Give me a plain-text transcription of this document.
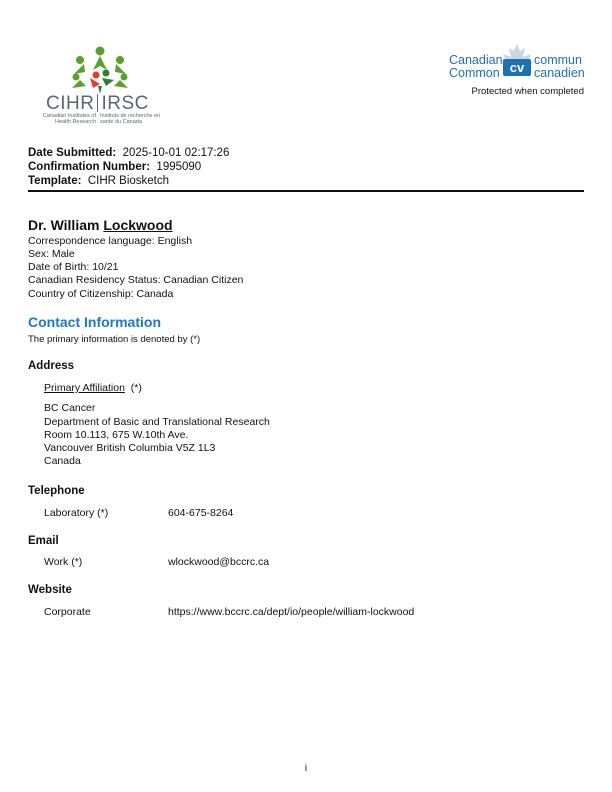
CIHR IRSC
Canadian Institutes of Health Research
Instituts de recherche en santé du Canada
Canadian
Common cv commun
canadien
Protected when completed
Date Submitted: 2025-10-01 02:17:26
Confirmation Number: 1995090
Template: CIHR Biosketch
Dr. William Lockwood
Correspondence language: English
Sex: Male
Date of Birth: 10/21
Canadian Residency Status: Canadian Citizen
Country of Citizenship: Canada
Contact Information
The primary information is denoted by (*)
Address
Primary Affiliation (*)
BC Cancer
Department of Basic and Translational Research
Room 10.113, 675 W.10th Ave.
Vancouver British Columbia V5Z 1L3
Canada
Telephone
Laboratory (*)	604-675-8264
Email
Work (*)	wlockwood@bccrc.ca
Website
Corporate	https://www.bccrc.ca/dept/io/people/william-lockwood
i
